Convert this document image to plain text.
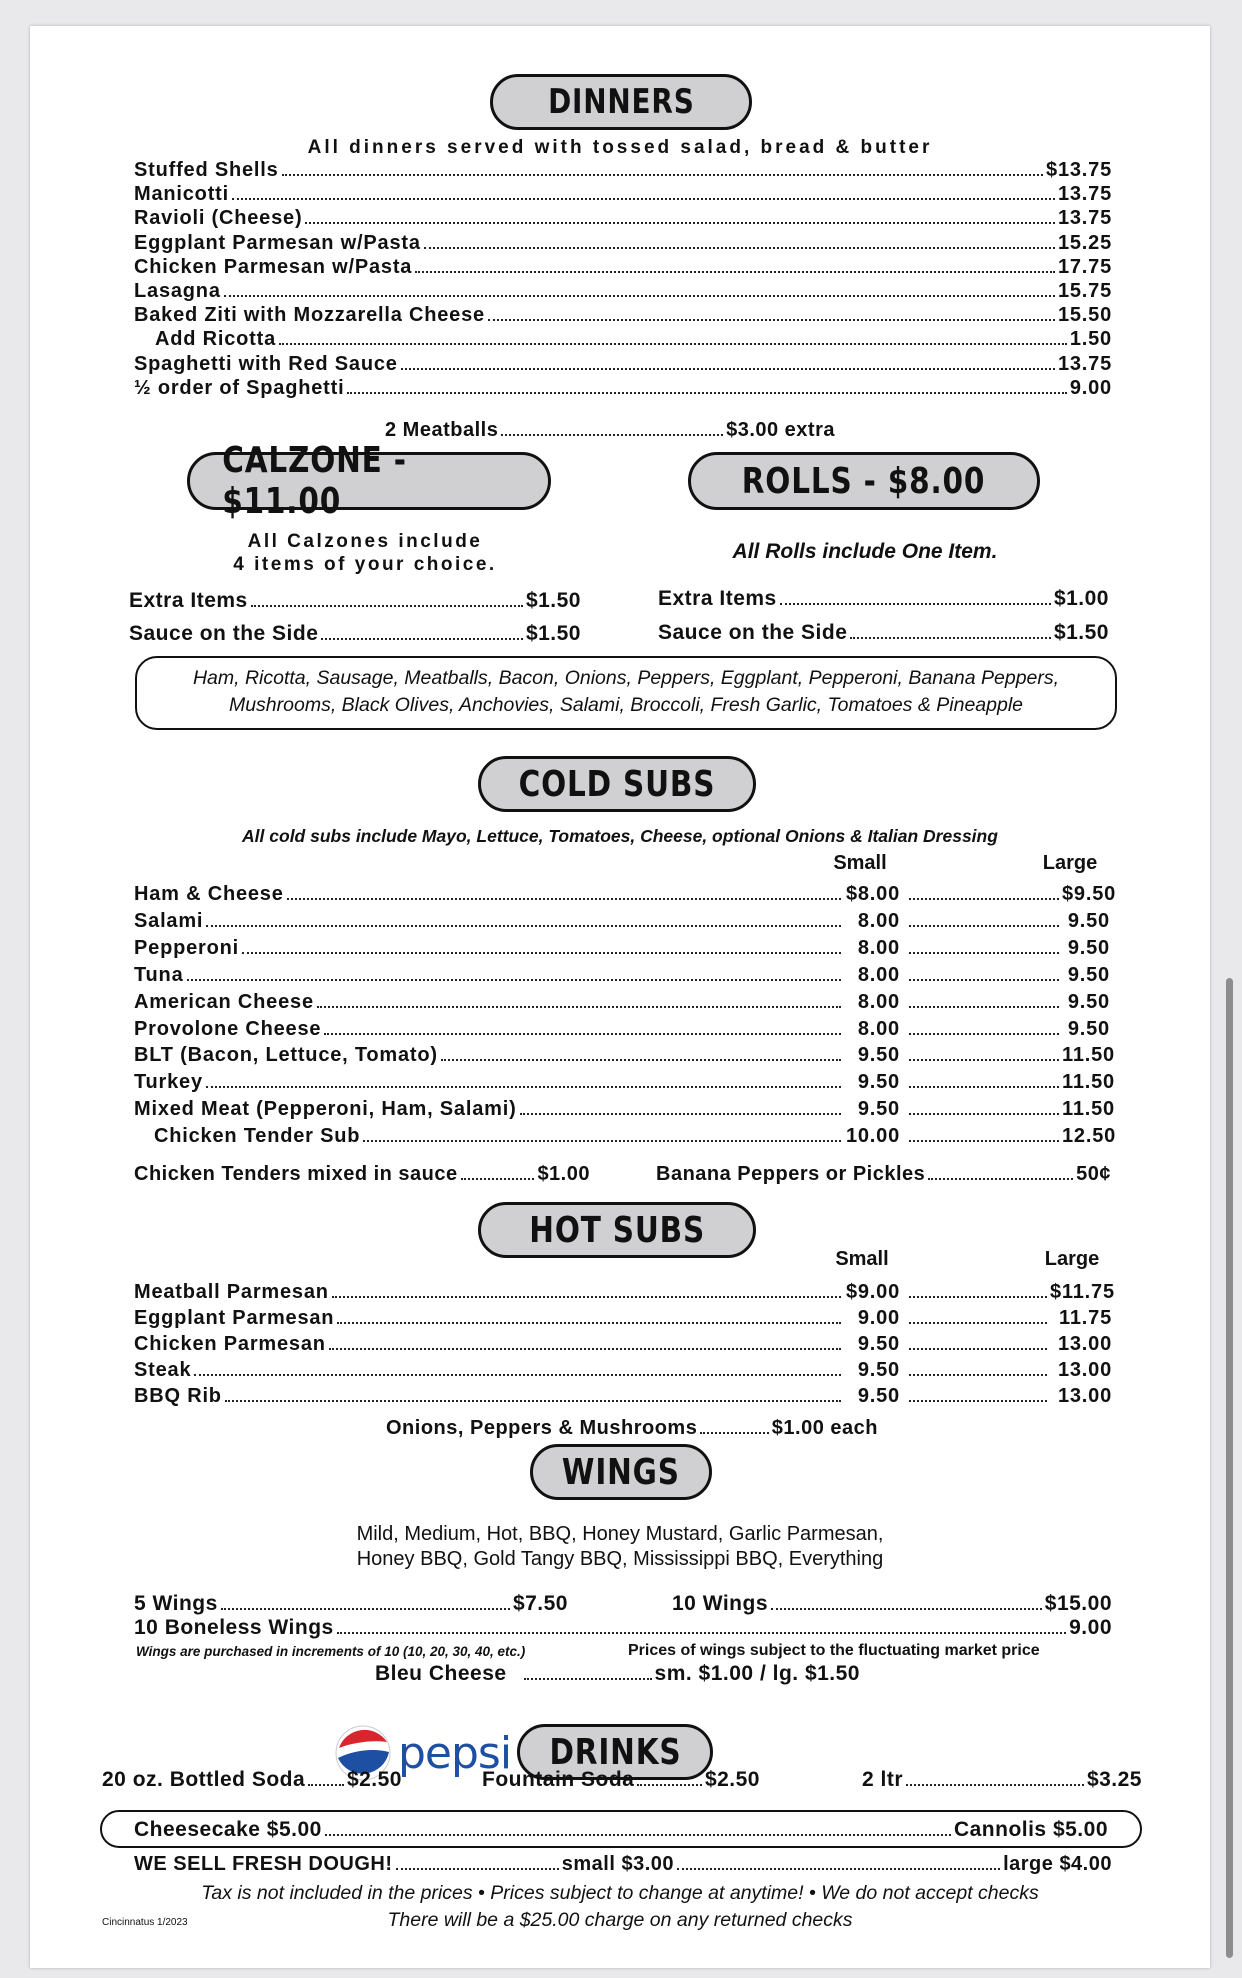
DINNERS
All dinners served with tossed salad, bread & butter
Stuffed Shells	$13.75
Manicotti	13.75
Ravioli (Cheese)	13.75
Eggplant Parmesan w/Pasta	15.25
Chicken Parmesan w/Pasta	17.75
Lasagna	15.75
Baked Ziti with Mozzarella Cheese	15.50
Add Ricotta	1.50
Spaghetti with Red Sauce	13.75
½ order of Spaghetti	9.00
2 Meatballs	$3.00 extra
CALZONE - $11.00	ROLLS - $8.00
All Calzones include
4 items of your choice.
All Rolls include One Item.
Extra Items	$1.50
Sauce on the Side	$1.50
Extra Items	$1.00
Sauce on the Side	$1.50
Ham, Ricotta, Sausage, Meatballs, Bacon, Onions, Peppers, Eggplant, Pepperoni, Banana Peppers,
Mushrooms, Black Olives, Anchovies, Salami, Broccoli, Fresh Garlic, Tomatoes & Pineapple
COLD SUBS
All cold subs include Mayo, Lettuce, Tomatoes, Cheese, optional Onions & Italian Dressing
Small	Large
Ham & Cheese	$8.00	$9.50
Salami	8.00	9.50
Pepperoni	8.00	9.50
Tuna	8.00	9.50
American Cheese	8.00	9.50
Provolone Cheese	8.00	9.50
BLT (Bacon, Lettuce, Tomato)	9.50	11.50
Turkey	9.50	11.50
Mixed Meat (Pepperoni, Ham, Salami)	9.50	11.50
Chicken Tender Sub	10.00	12.50
Chicken Tenders mixed in sauce	$1.00	Banana Peppers or Pickles	50¢
HOT SUBS
Small	Large
Meatball Parmesan	$9.00	$11.75
Eggplant Parmesan	9.00	11.75
Chicken Parmesan	9.50	13.00
Steak	9.50	13.00
BBQ Rib	9.50	13.00
Onions, Peppers & Mushrooms	$1.00 each
WINGS
Mild, Medium, Hot, BBQ, Honey Mustard, Garlic Parmesan,
Honey BBQ, Gold Tangy BBQ, Mississippi BBQ, Everything
5 Wings	$7.50	10 Wings	$15.00
10 Boneless Wings	9.00
Wings are purchased in increments of 10 (10, 20, 30, 40, etc.)	Prices of wings subject to the fluctuating market price
Bleu Cheese	sm. $1.00 / lg. $1.50
pepsi DRINKS
20 oz. Bottled Soda $2.50	Fountain Soda	$2.50	2 ltr	$3.25
Cheesecake $5.00	Cannolis $5.00
WE SELL FRESH DOUGH!	small $3.00	large $4.00
Tax is not included in the prices • Prices subject to change at anytime! • We do not accept checks
There will be a $25.00 charge on any returned checks
Cincinnatus 1/2023
